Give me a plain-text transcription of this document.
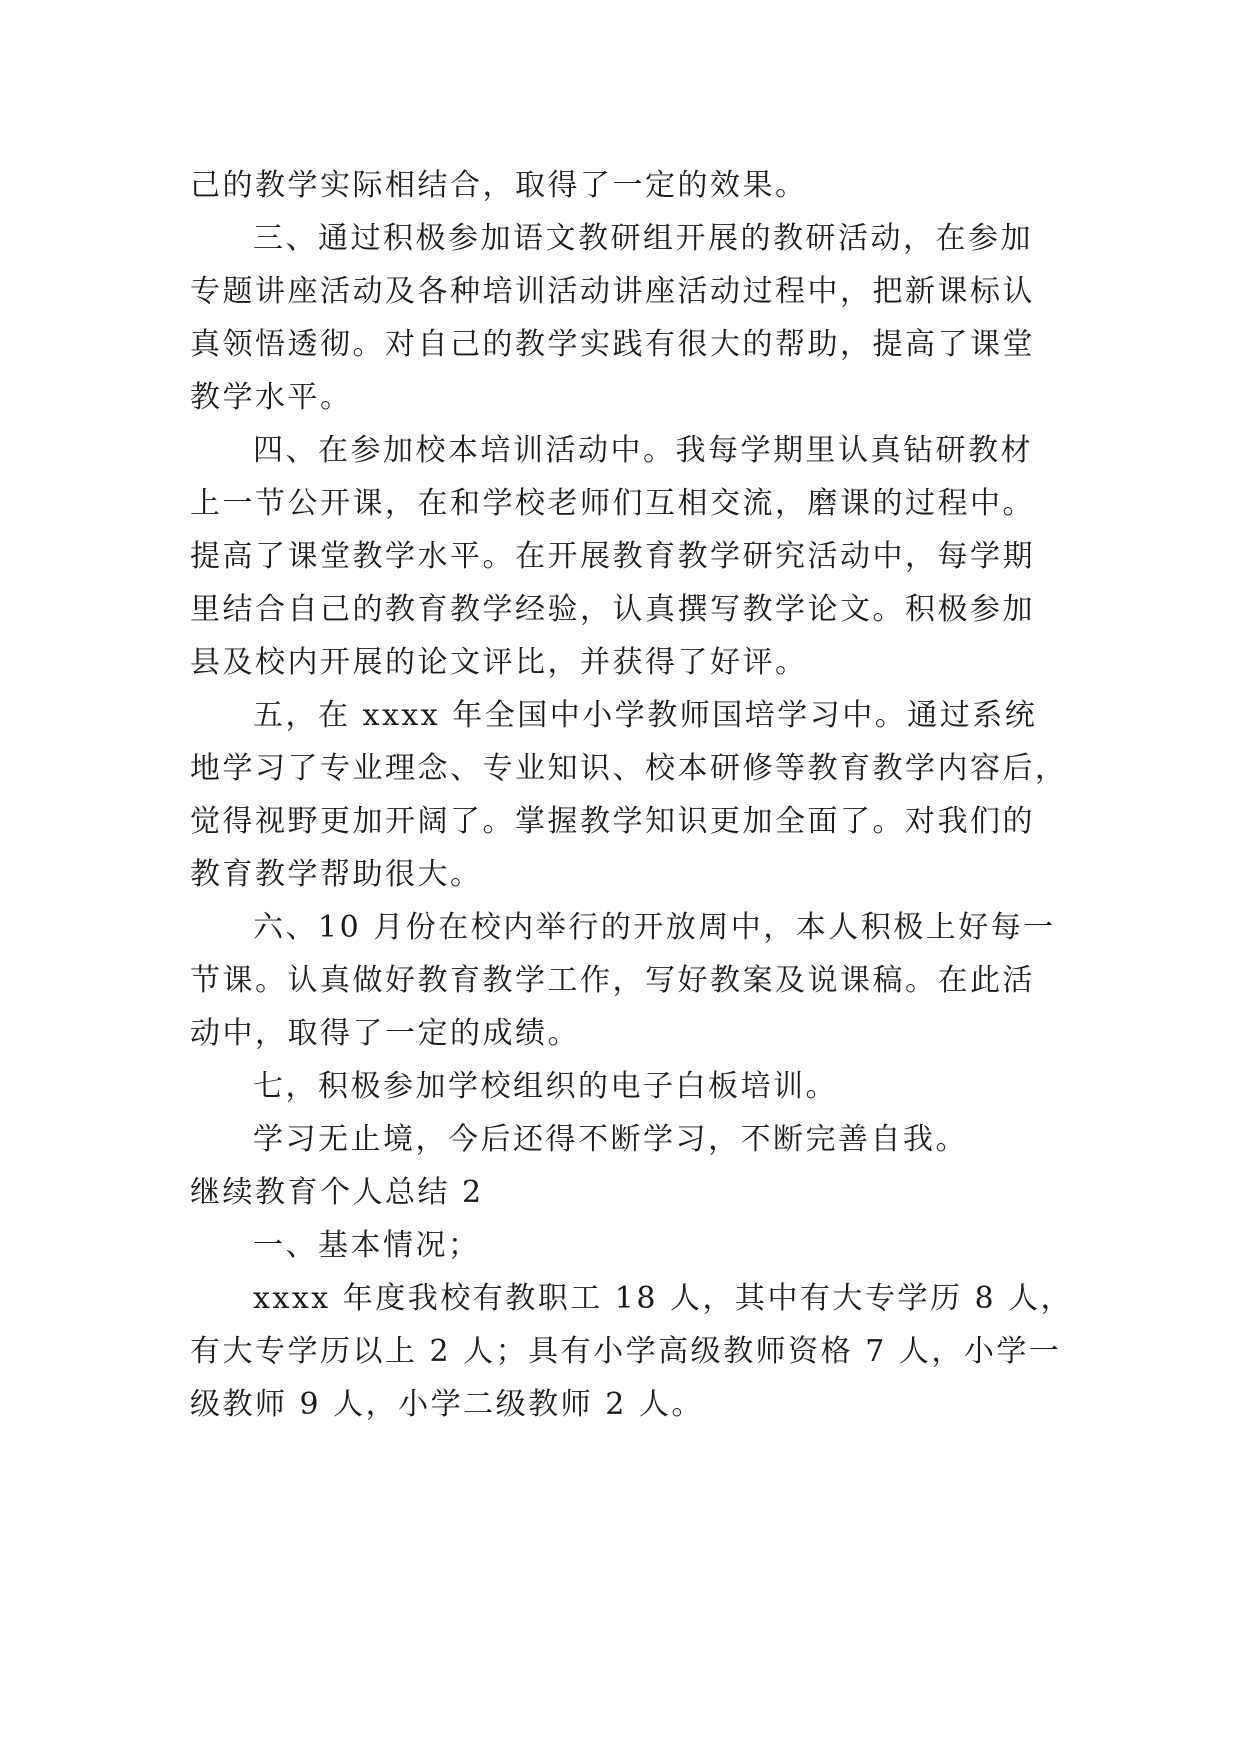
己的教学实际相结合，取得了一定的效果。
三、通过积极参加语文教研组开展的教研活动，在参加
专题讲座活动及各种培训活动讲座活动过程中，把新课标认
真领悟透彻。对自己的教学实践有很大的帮助，提高了课堂
教学水平。
四、在参加校本培训活动中。我每学期里认真钻研教材
上一节公开课，在和学校老师们互相交流，磨课的过程中。
提高了课堂教学水平。在开展教育教学研究活动中，每学期
里结合自己的教育教学经验，认真撰写教学论文。积极参加
县及校内开展的论文评比，并获得了好评。
五，在 xxxx 年全国中小学教师国培学习中。通过系统
地学习了专业理念、专业知识、校本研修等教育教学内容后，
觉得视野更加开阔了。掌握教学知识更加全面了。对我们的
教育教学帮助很大。
六、10 月份在校内举行的开放周中，本人积极上好每一
节课。认真做好教育教学工作，写好教案及说课稿。在此活
动中，取得了一定的成绩。
七，积极参加学校组织的电子白板培训。
学习无止境，今后还得不断学习，不断完善自我。
继续教育个人总结 2
一、基本情况；
xxxx 年度我校有教职工 18 人，其中有大专学历 8 人，
有大专学历以上 2 人；具有小学高级教师资格 7 人，小学一
级教师 9 人，小学二级教师 2 人。
